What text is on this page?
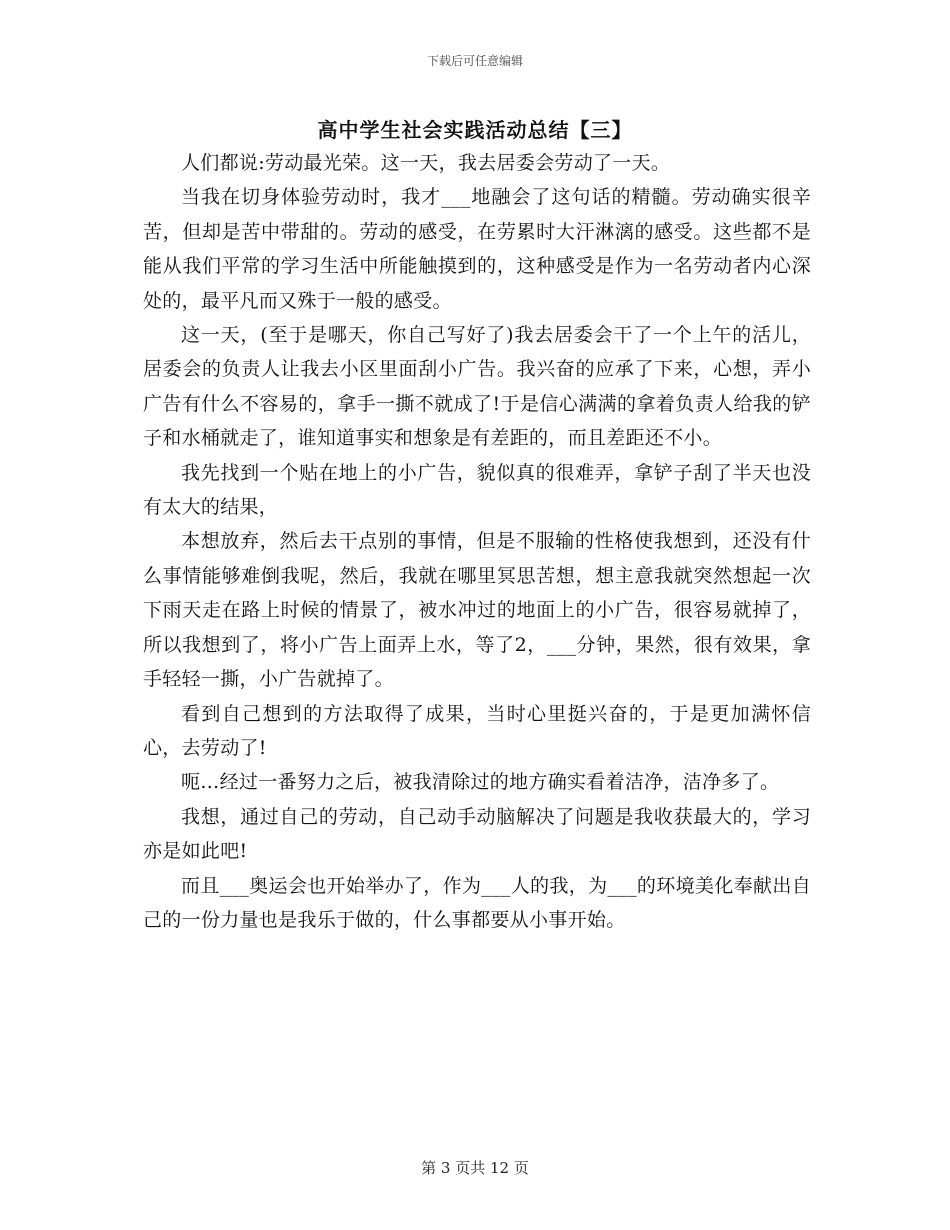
下载后可任意编辑
高中学生社会实践活动总结【三】

人们都说:劳动最光荣。这一天，我去居委会劳动了一天。

当我在切身体验劳动时，我才___地融会了这句话的精髓。劳动确实很辛苦，但却是苦中带甜的。劳动的感受，在劳累时大汗淋漓的感受。这些都不是能从我们平常的学习生活中所能触摸到的，这种感受是作为一名劳动者内心深处的，最平凡而又殊于一般的感受。

这一天，(至于是哪天，你自己写好了)我去居委会干了一个上午的活儿，居委会的负责人让我去小区里面刮小广告。我兴奋的应承了下来，心想，弄小广告有什么不容易的，拿手一撕不就成了!于是信心满满的拿着负责人给我的铲子和水桶就走了，谁知道事实和想象是有差距的，而且差距还不小。

我先找到一个贴在地上的小广告，貌似真的很难弄，拿铲子刮了半天也没有太大的结果，

本想放弃，然后去干点别的事情，但是不服输的性格使我想到，还没有什么事情能够难倒我呢，然后，我就在哪里冥思苦想，想主意我就突然想起一次下雨天走在路上时候的情景了，被水冲过的地面上的小广告，很容易就掉了，所以我想到了，将小广告上面弄上水，等了2，___分钟，果然，很有效果，拿手轻轻一撕，小广告就掉了。

看到自己想到的方法取得了成果，当时心里挺兴奋的，于是更加满怀信心，去劳动了!

呃…经过一番努力之后，被我清除过的地方确实看着洁净，洁净多了。

我想，通过自己的劳动，自己动手动脑解决了问题是我收获最大的，学习亦是如此吧!

而且___奥运会也开始举办了，作为___人的我，为___的环境美化奉献出自己的一份力量也是我乐于做的，什么事都要从小事开始。

第 3 页共 12 页
